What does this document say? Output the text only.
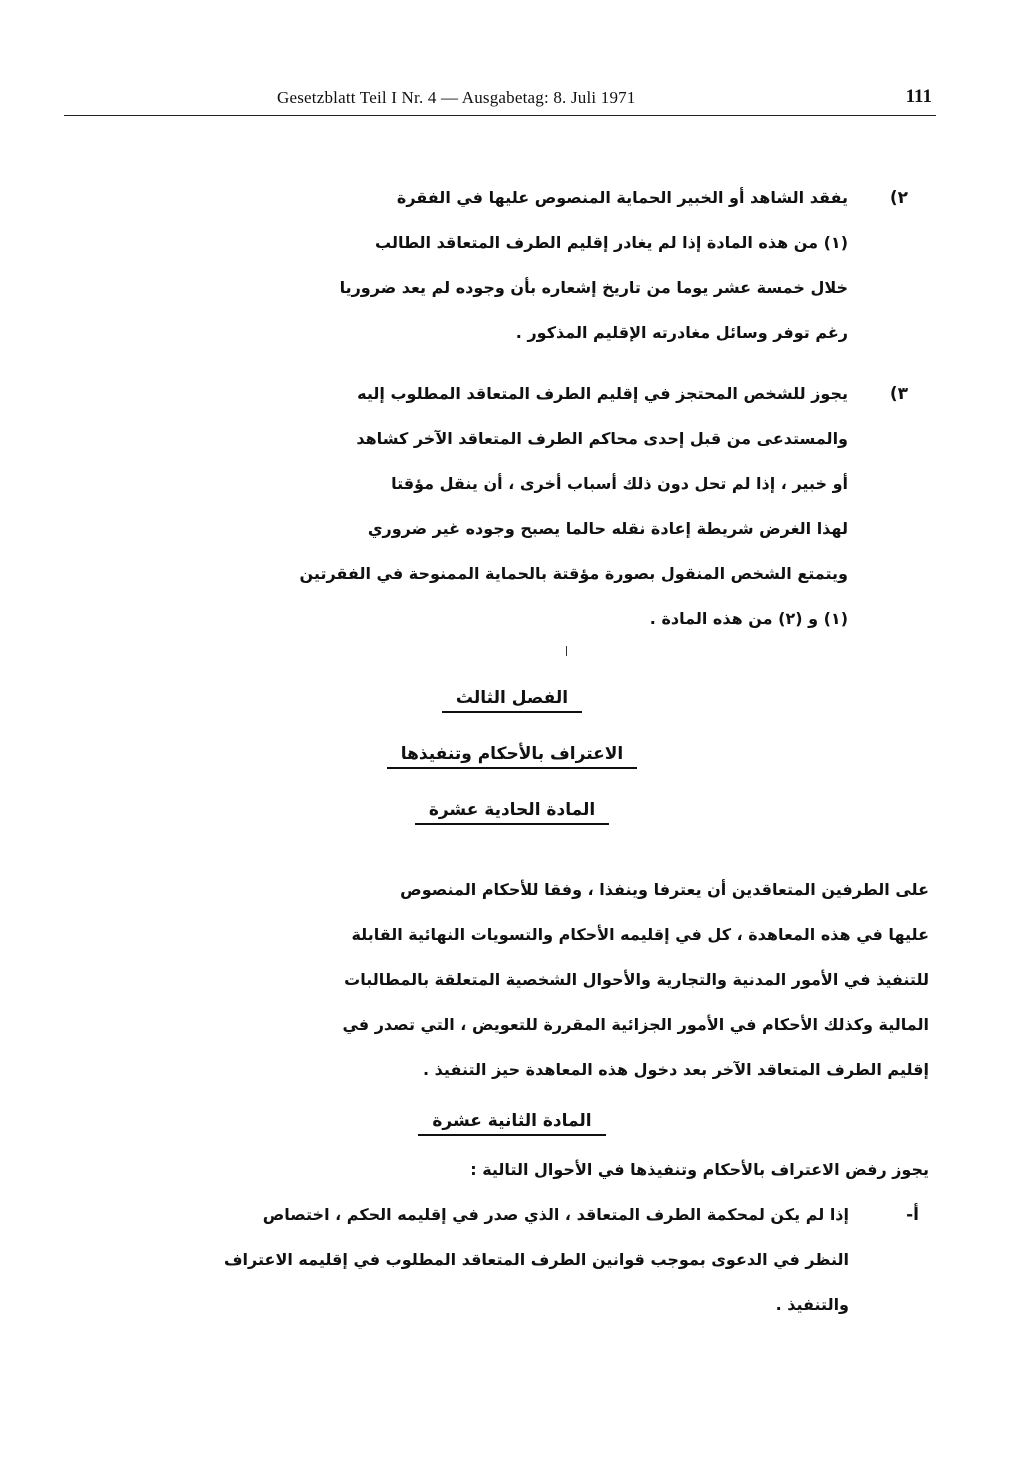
Gesetzblatt Teil I Nr. 4 — Ausgabetag: 8. Juli 1971	111
٢)
يفقد الشاهد أو الخبير الحماية المنصوص عليها في الفقرة
(١) من هذه المادة إذا لم يغادر إقليم الطرف المتعاقد الطالب
خلال خمسة عشر يوما من تاريخ إشعاره بأن وجوده لم يعد ضروريا
رغم توفر وسائل مغادرته الإقليم المذكور .
٣)
يجوز للشخص المحتجز في إقليم الطرف المتعاقد المطلوب إليه
والمستدعى من قبل إحدى محاكم الطرف المتعاقد الآخر كشاهد
أو خبير ، إذا لم تحل دون ذلك أسباب أخرى ، أن ينقل مؤقتا
لهذا الغرض شريطة إعادة نقله حالما يصبح وجوده غير ضروري
ويتمتع الشخص المنقول بصورة مؤقتة بالحماية الممنوحة في الفقرتين
(١) و (٢) من هذه المادة .
الفصل الثالث
الاعتراف بالأحكام وتنفيذها
المادة الحادية عشرة
على الطرفين المتعاقدين أن يعترفا وينفذا ، وفقا للأحكام المنصوص
عليها في هذه المعاهدة ، كل في إقليمه الأحكام والتسويات النهائية القابلة
للتنفيذ في الأمور المدنية والتجارية والأحوال الشخصية المتعلقة بالمطالبات
المالية وكذلك الأحكام في الأمور الجزائية المقررة للتعويض ، التي تصدر في
إقليم الطرف المتعاقد الآخر بعد دخول هذه المعاهدة حيز التنفيذ .
المادة الثانية عشرة
يجوز رفض الاعتراف بالأحكام وتنفيذها في الأحوال التالية :
أ-
إذا لم يكن لمحكمة الطرف المتعاقد ، الذي صدر في إقليمه الحكم ، اختصاص
النظر في الدعوى بموجب قوانين الطرف المتعاقد المطلوب في إقليمه الاعتراف
والتنفيذ .
